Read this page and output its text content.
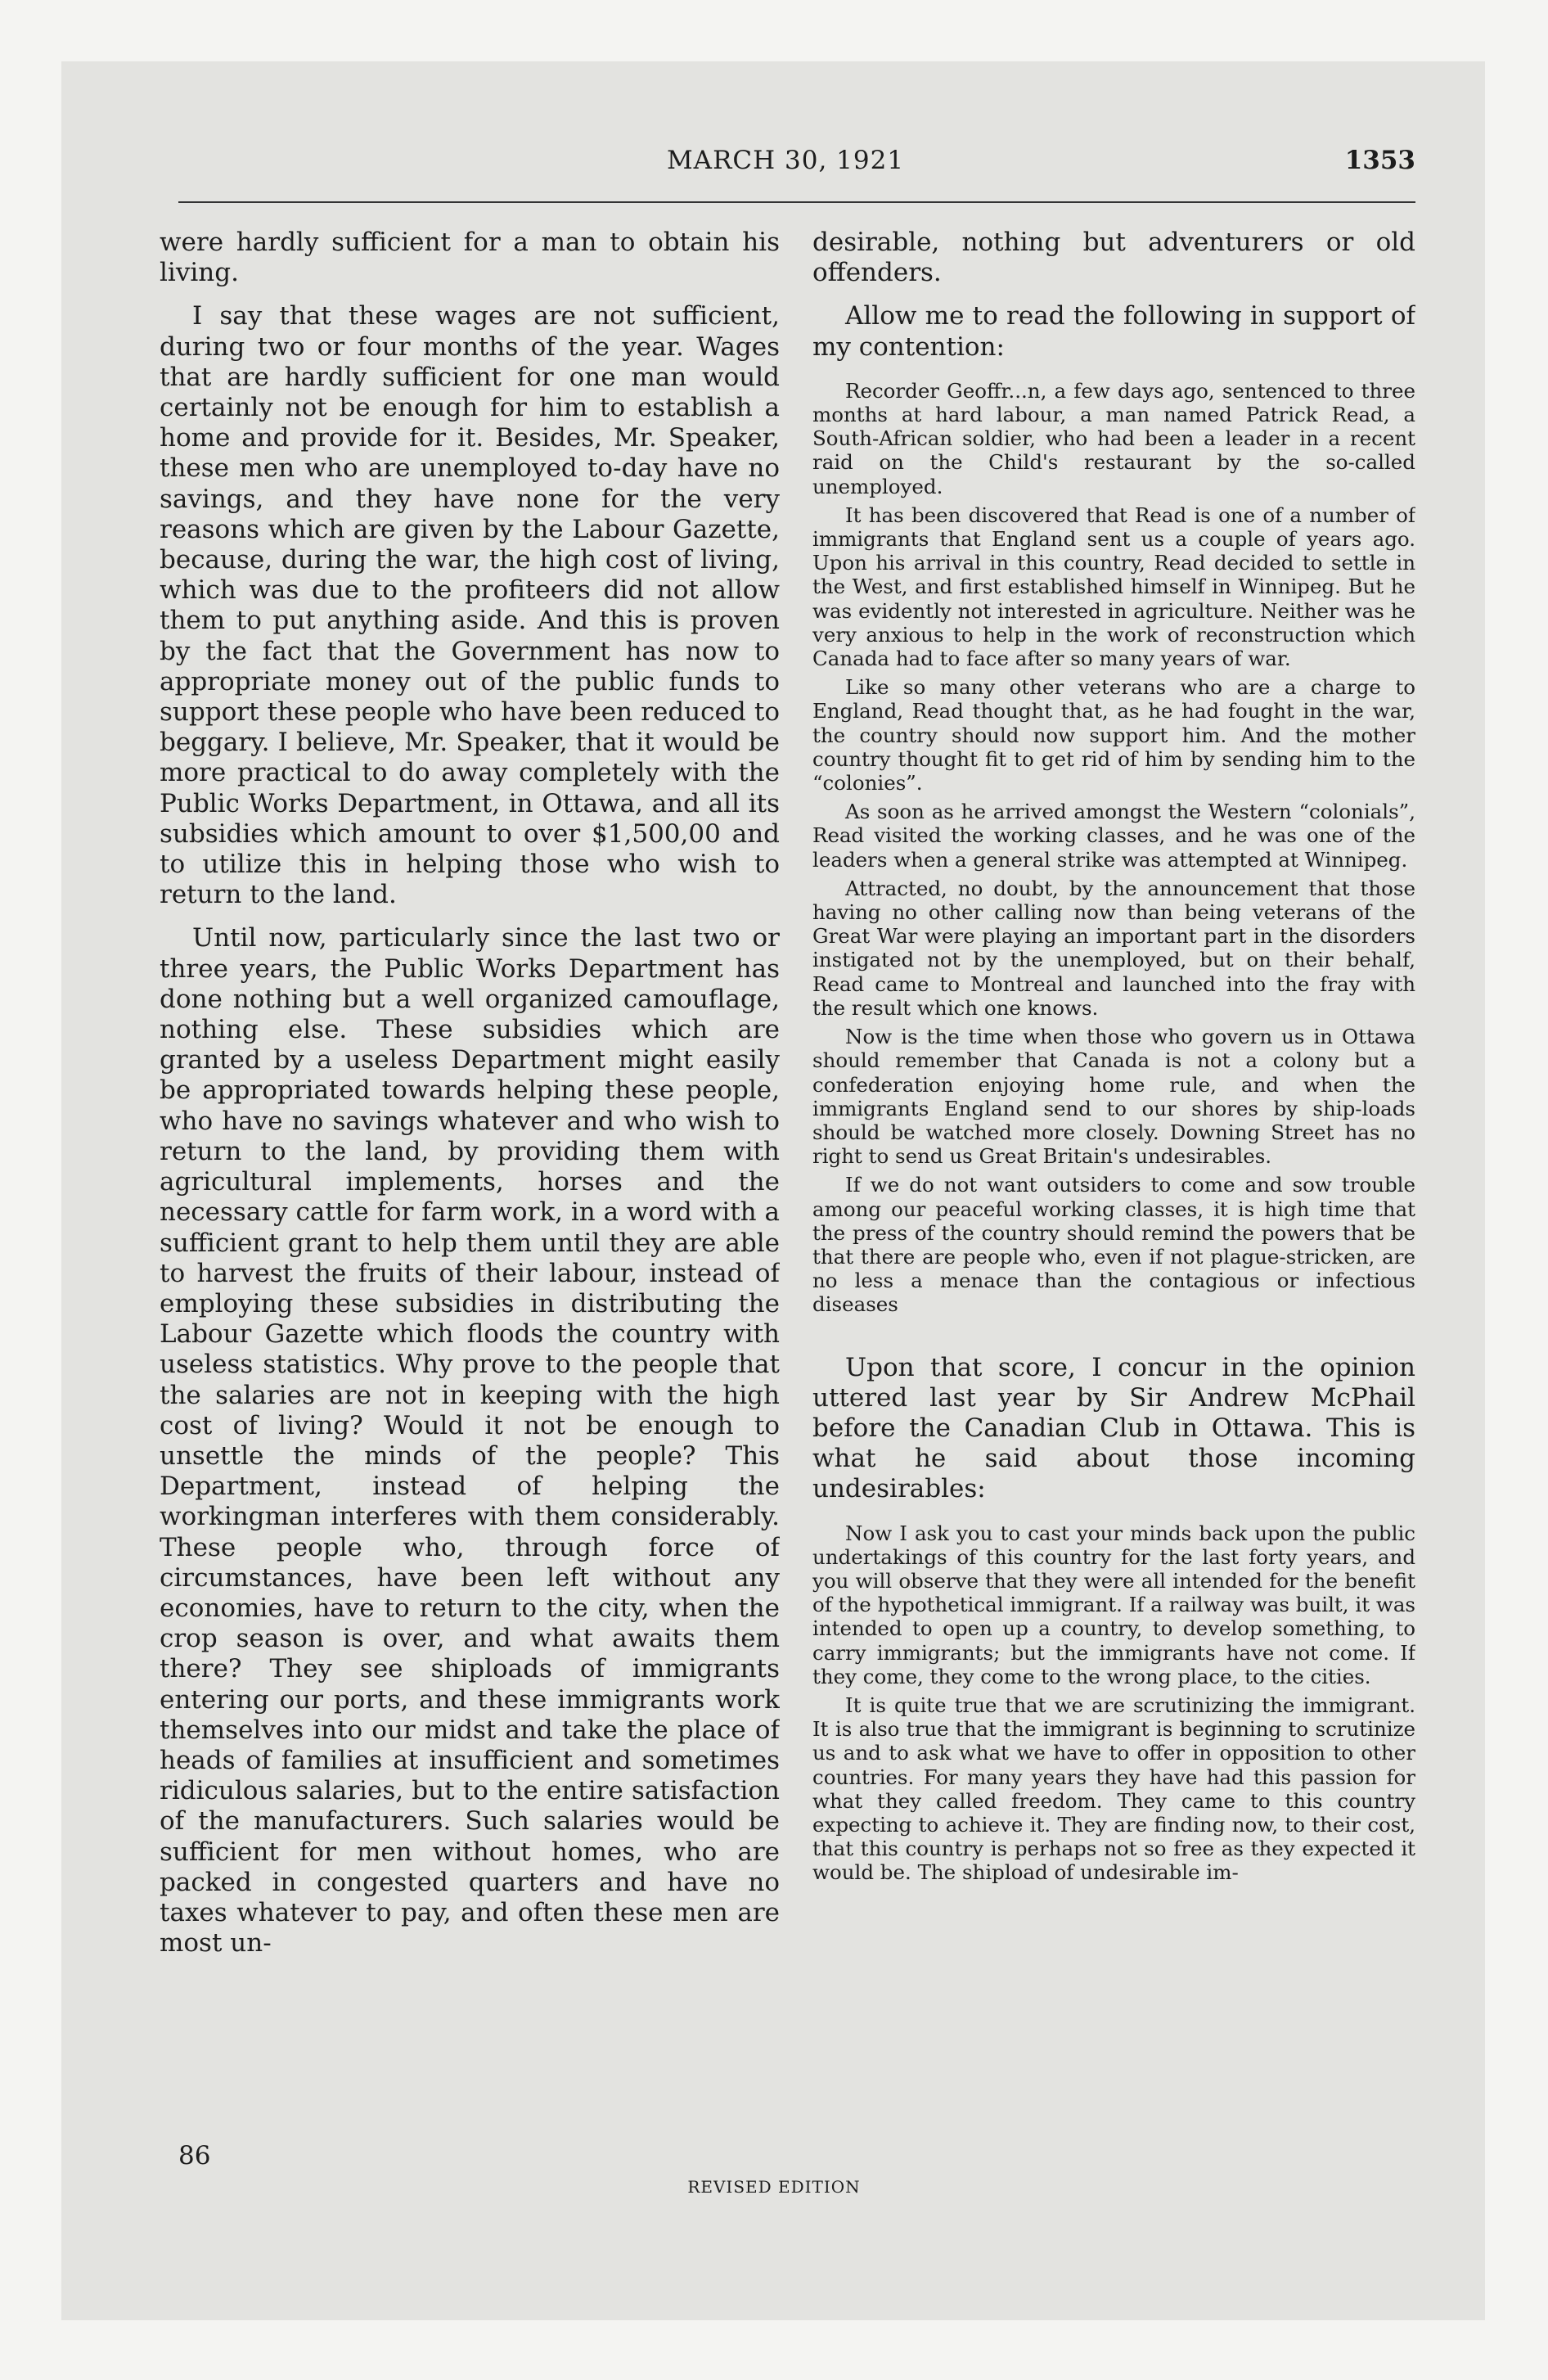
MARCH 30, 1921	1353

were hardly sufficient for a man to obtain his living.

I say that these wages are not sufficient, during two or four months of the year. Wages that are hardly sufficient for one man would certainly not be enough for him to establish a home and provide for it. Besides, Mr. Speaker, these men who are unemployed to-day have no savings, and they have none for the very reasons which are given by the Labour Gazette, because, during the war, the high cost of living, which was due to the profiteers did not allow them to put anything aside. And this is proven by the fact that the Government has now to appropriate money out of the public funds to support these people who have been reduced to beggary. I believe, Mr. Speaker, that it would be more practical to do away completely with the Public Works Department, in Ottawa, and all its subsidies which amount to over $1,500,00 and to utilize this in helping those who wish to return to the land.

Until now, particularly since the last two or three years, the Public Works Department has done nothing but a well organized camouflage, nothing else. These subsidies which are granted by a useless Department might easily be appropriated towards helping these people, who have no savings whatever and who wish to return to the land, by providing them with agricultural implements, horses and the necessary cattle for farm work, in a word with a sufficient grant to help them until they are able to harvest the fruits of their labour, instead of employing these subsidies in distributing the Labour Gazette which floods the country with useless statistics. Why prove to the people that the salaries are not in keeping with the high cost of living? Would it not be enough to unsettle the minds of the people? This Department, instead of helping the workingman interferes with them considerably. These people who, through force of circumstances, have been left without any economies, have to return to the city, when the crop season is over, and what awaits them there? They see shiploads of immigrants entering our ports, and these immigrants work themselves into our midst and take the place of heads of families at insufficient and sometimes ridiculous salaries, but to the entire satisfaction of the manufacturers. Such salaries would be sufficient for men without homes, who are packed in congested quarters and have no taxes whatever to pay, and often these men are most un-

desirable, nothing but adventurers or old offenders.

Allow me to read the following in support of my contention:

Recorder Geoffr...n, a few days ago, sentenced to three months at hard labour, a man named Patrick Read, a South-African soldier, who had been a leader in a recent raid on the Child's restaurant by the so-called unemployed.

It has been discovered that Read is one of a number of immigrants that England sent us a couple of years ago. Upon his arrival in this country, Read decided to settle in the West, and first established himself in Winnipeg. But he was evidently not interested in agriculture. Neither was he very anxious to help in the work of reconstruction which Canada had to face after so many years of war.

Like so many other veterans who are a charge to England, Read thought that, as he had fought in the war, the country should now support him. And the mother country thought fit to get rid of him by sending him to the “colonies”.

As soon as he arrived amongst the Western “colonials”, Read visited the working classes, and he was one of the leaders when a general strike was attempted at Winnipeg.

Attracted, no doubt, by the announcement that those having no other calling now than being veterans of the Great War were playing an important part in the disorders instigated not by the unemployed, but on their behalf, Read came to Montreal and launched into the fray with the result which one knows.

Now is the time when those who govern us in Ottawa should remember that Canada is not a colony but a confederation enjoying home rule, and when the immigrants England send to our shores by ship-loads should be watched more closely. Downing Street has no right to send us Great Britain's undesirables.

If we do not want outsiders to come and sow trouble among our peaceful working classes, it is high time that the press of the country should remind the powers that be that there are people who, even if not plague-stricken, are no less a menace than the contagious or infectious diseases

Upon that score, I concur in the opinion uttered last year by Sir Andrew McPhail before the Canadian Club in Ottawa. This is what he said about those incoming undesirables:

Now I ask you to cast your minds back upon the public undertakings of this country for the last forty years, and you will observe that they were all intended for the benefit of the hypothetical immigrant. If a railway was built, it was intended to open up a country, to develop something, to carry immigrants; but the immigrants have not come. If they come, they come to the wrong place, to the cities.

It is quite true that we are scrutinizing the immigrant. It is also true that the immigrant is beginning to scrutinize us and to ask what we have to offer in opposition to other countries. For many years they have had this passion for what they called freedom. They came to this country expecting to achieve it. They are finding now, to their cost, that this country is perhaps not so free as they expected it would be. The shipload of undesirable im-

86
REVISED EDITION
